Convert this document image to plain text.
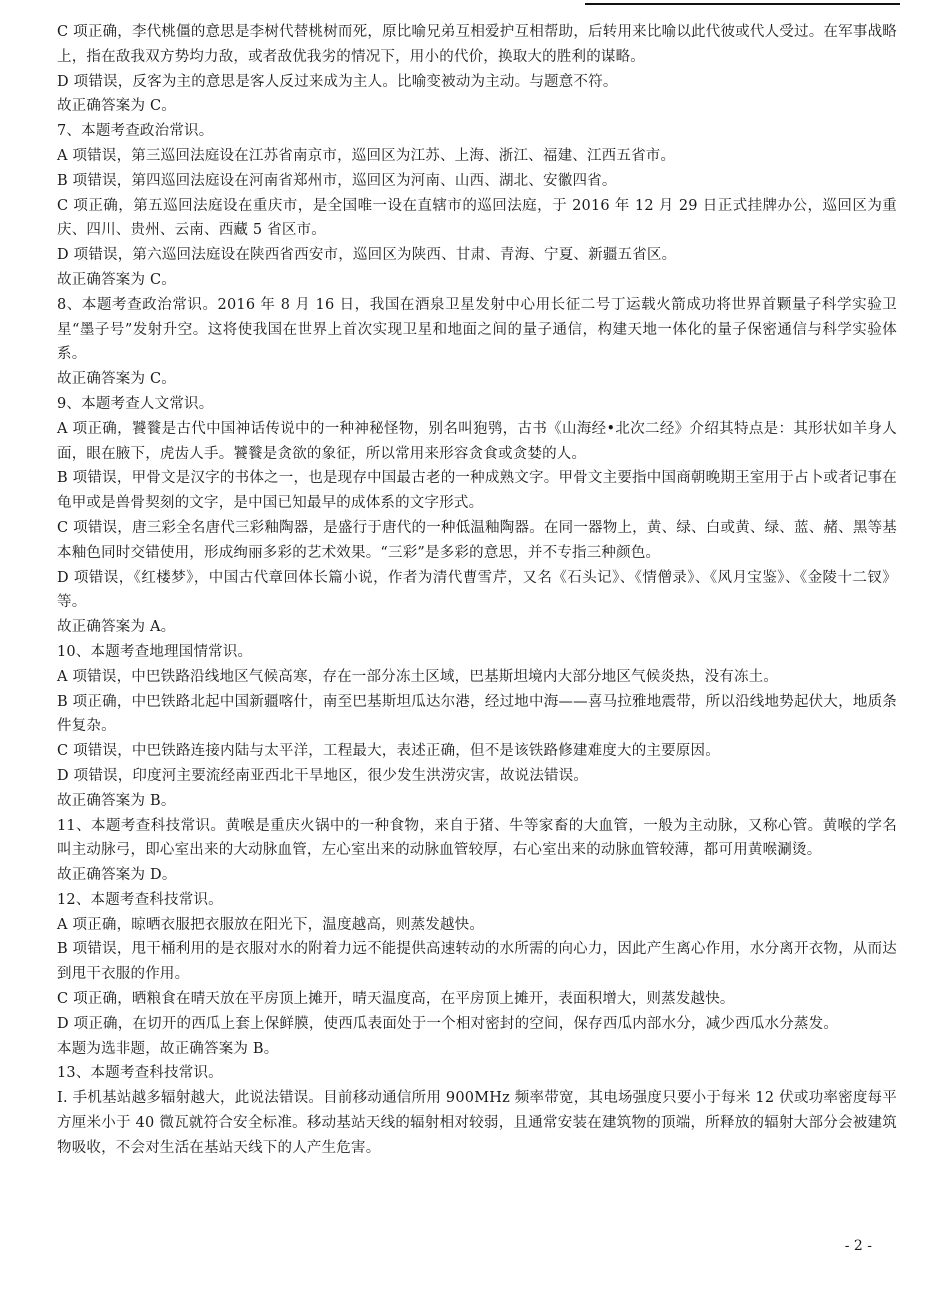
C 项正确，李代桃僵的意思是李树代替桃树而死，原比喻兄弟互相爱护互相帮助，后转用来比喻以此代彼或代人受过。在军事战略上，指在敌我双方势均力敌，或者敌优我劣的情况下，用小的代价，换取大的胜利的谋略。

D 项错误，反客为主的意思是客人反过来成为主人。比喻变被动为主动。与题意不符。

故正确答案为 C。

7、本题考查政治常识。

A 项错误，第三巡回法庭设在江苏省南京市，巡回区为江苏、上海、浙江、福建、江西五省市。

B 项错误，第四巡回法庭设在河南省郑州市，巡回区为河南、山西、湖北、安徽四省。

C 项正确，第五巡回法庭设在重庆市，是全国唯一设在直辖市的巡回法庭，于 2016 年 12 月 29 日正式挂牌办公，巡回区为重庆、四川、贵州、云南、西藏 5 省区市。

D 项错误，第六巡回法庭设在陕西省西安市，巡回区为陕西、甘肃、青海、宁夏、新疆五省区。

故正确答案为 C。

8、本题考查政治常识。2016 年 8 月 16 日，我国在酒泉卫星发射中心用长征二号丁运载火箭成功将世界首颗量子科学实验卫星“墨子号”发射升空。这将使我国在世界上首次实现卫星和地面之间的量子通信，构建天地一体化的量子保密通信与科学实验体系。

故正确答案为 C。

9、本题考查人文常识。

A 项正确，饕餮是古代中国神话传说中的一种神秘怪物，别名叫狍鸮，古书《山海经•北次二经》介绍其特点是：其形状如羊身人面，眼在腋下，虎齿人手。饕餮是贪欲的象征，所以常用来形容贪食或贪婪的人。

B 项错误，甲骨文是汉字的书体之一，也是现存中国最古老的一种成熟文字。甲骨文主要指中国商朝晚期王室用于占卜或者记事在龟甲或是兽骨契刻的文字，是中国已知最早的成体系的文字形式。

C 项错误，唐三彩全名唐代三彩釉陶器，是盛行于唐代的一种低温釉陶器。在同一器物上，黄、绿、白或黄、绿、蓝、赭、黑等基本釉色同时交错使用，形成绚丽多彩的艺术效果。“三彩”是多彩的意思，并不专指三种颜色。

D 项错误，《红楼梦》，中国古代章回体长篇小说，作者为清代曹雪芹，又名《石头记》、《情僧录》、《风月宝鉴》、《金陵十二钗》等。

故正确答案为 A。

10、本题考查地理国情常识。

A 项错误，中巴铁路沿线地区气候高寒，存在一部分冻土区域，巴基斯坦境内大部分地区气候炎热，没有冻土。

B 项正确，中巴铁路北起中国新疆喀什，南至巴基斯坦瓜达尔港，经过地中海——喜马拉雅地震带，所以沿线地势起伏大，地质条件复杂。

C 项错误，中巴铁路连接内陆与太平洋，工程最大，表述正确，但不是该铁路修建难度大的主要原因。

D 项错误，印度河主要流经南亚西北干旱地区，很少发生洪涝灾害，故说法错误。

故正确答案为 B。

11、本题考查科技常识。黄喉是重庆火锅中的一种食物，来自于猪、牛等家畜的大血管，一般为主动脉，又称心管。黄喉的学名叫主动脉弓，即心室出来的大动脉血管，左心室出来的动脉血管较厚，右心室出来的动脉血管较薄，都可用黄喉涮烫。

故正确答案为 D。

12、本题考查科技常识。

A 项正确，晾晒衣服把衣服放在阳光下，温度越高，则蒸发越快。

B 项错误，甩干桶利用的是衣服对水的附着力远不能提供高速转动的水所需的向心力，因此产生离心作用，水分离开衣物，从而达到甩干衣服的作用。

C 项正确，晒粮食在晴天放在平房顶上摊开，晴天温度高，在平房顶上摊开，表面积增大，则蒸发越快。

D 项正确，在切开的西瓜上套上保鲜膜，使西瓜表面处于一个相对密封的空间，保存西瓜内部水分，减少西瓜水分蒸发。

本题为选非题，故正确答案为 B。

13、本题考查科技常识。

Ⅰ. 手机基站越多辐射越大，此说法错误。目前移动通信所用 900MHz 频率带宽，其电场强度只要小于每米 12 伏或功率密度每平方厘米小于 40 微瓦就符合安全标准。移动基站天线的辐射相对较弱，且通常安装在建筑物的顶端，所释放的辐射大部分会被建筑物吸收，不会对生活在基站天线下的人产生危害。

- 2 -
